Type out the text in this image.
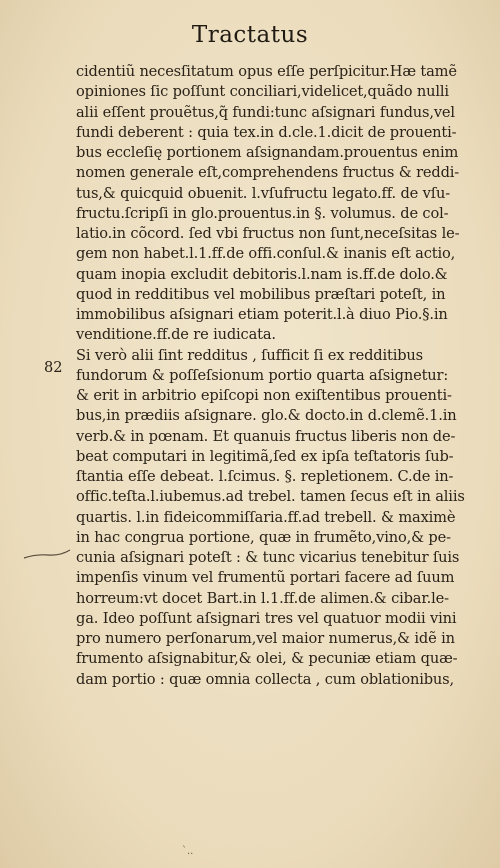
Tractatus
82
cidentiũ necesſitatum opus eſſe perſpicitur.Hæ tamẽ
opiniones ſic poſſunt conciliari,videlicet,quãdo nulli
alii eſſent prouẽtus,q̃ fundi:tunc aſsignari fundus,vel
fundi deberent : quia tex.in d.cle.1.dicit de prouenti-
bus eccleſię portionem aſsignandam.prouentus enim
nomen generale eſt,comprehendens fructus & reddi-
tus,& quicquid obuenit. l.vſufructu legato.ff. de vſu-
fructu.ſcripſi in glo.prouentus.in §. volumus. de col-
latio.in cõcord. ſed vbi fructus non ſunt,neceſsitas le-
gem non habet.l.1.ff.de offi.conſul.& inanis eſt actio,
quam inopia excludit debitoris.l.nam is.ff.de dolo.&
quod in redditibus vel mobilibus præſtari poteſt, in
immobilibus aſsignari etiam poterit.l.à diuo Pio.§.in
venditione.ff.de re iudicata.
Si verò alii ſint redditus , ſufficit ſi ex redditibus
fundorum & poſſeſsionum portio quarta aſsignetur:
& erit in arbitrio epiſcopi non exiſtentibus prouenti-
bus,in prædiis aſsignare. glo.& docto.in d.clemẽ.1.in
verb.& in pœnam. Et quanuis fructus liberis non de-
beat computari in legitimã,ſed ex ipſa teſtatoris ſub-
ſtantia eſſe debeat. l.ſcimus. §. repletionem. C.de in-
offic.teſta.l.iubemus.ad trebel. tamen ſecus eſt in aliis
quartis. l.in fideicommiſſaria.ff.ad trebell. & maximè
in hac congrua portione, quæ in frumẽto,vino,& pe-
cunia aſsignari poteſt : & tunc vicarius tenebitur ſuis
impenſis vinum vel frumentũ portari facere ad ſuum
horreum:vt docet Bart.in l.1.ff.de alimen.& cibar.le-
ga. Ideo poſſunt aſsignari tres vel quatuor modii vini
pro numero perſonarum,vel maior numerus,& idẽ in
frumento aſsignabitur,& olei, & pecuniæ etiam quæ-
dam portio : quæ omnia collecta , cum oblationibus,
`..
